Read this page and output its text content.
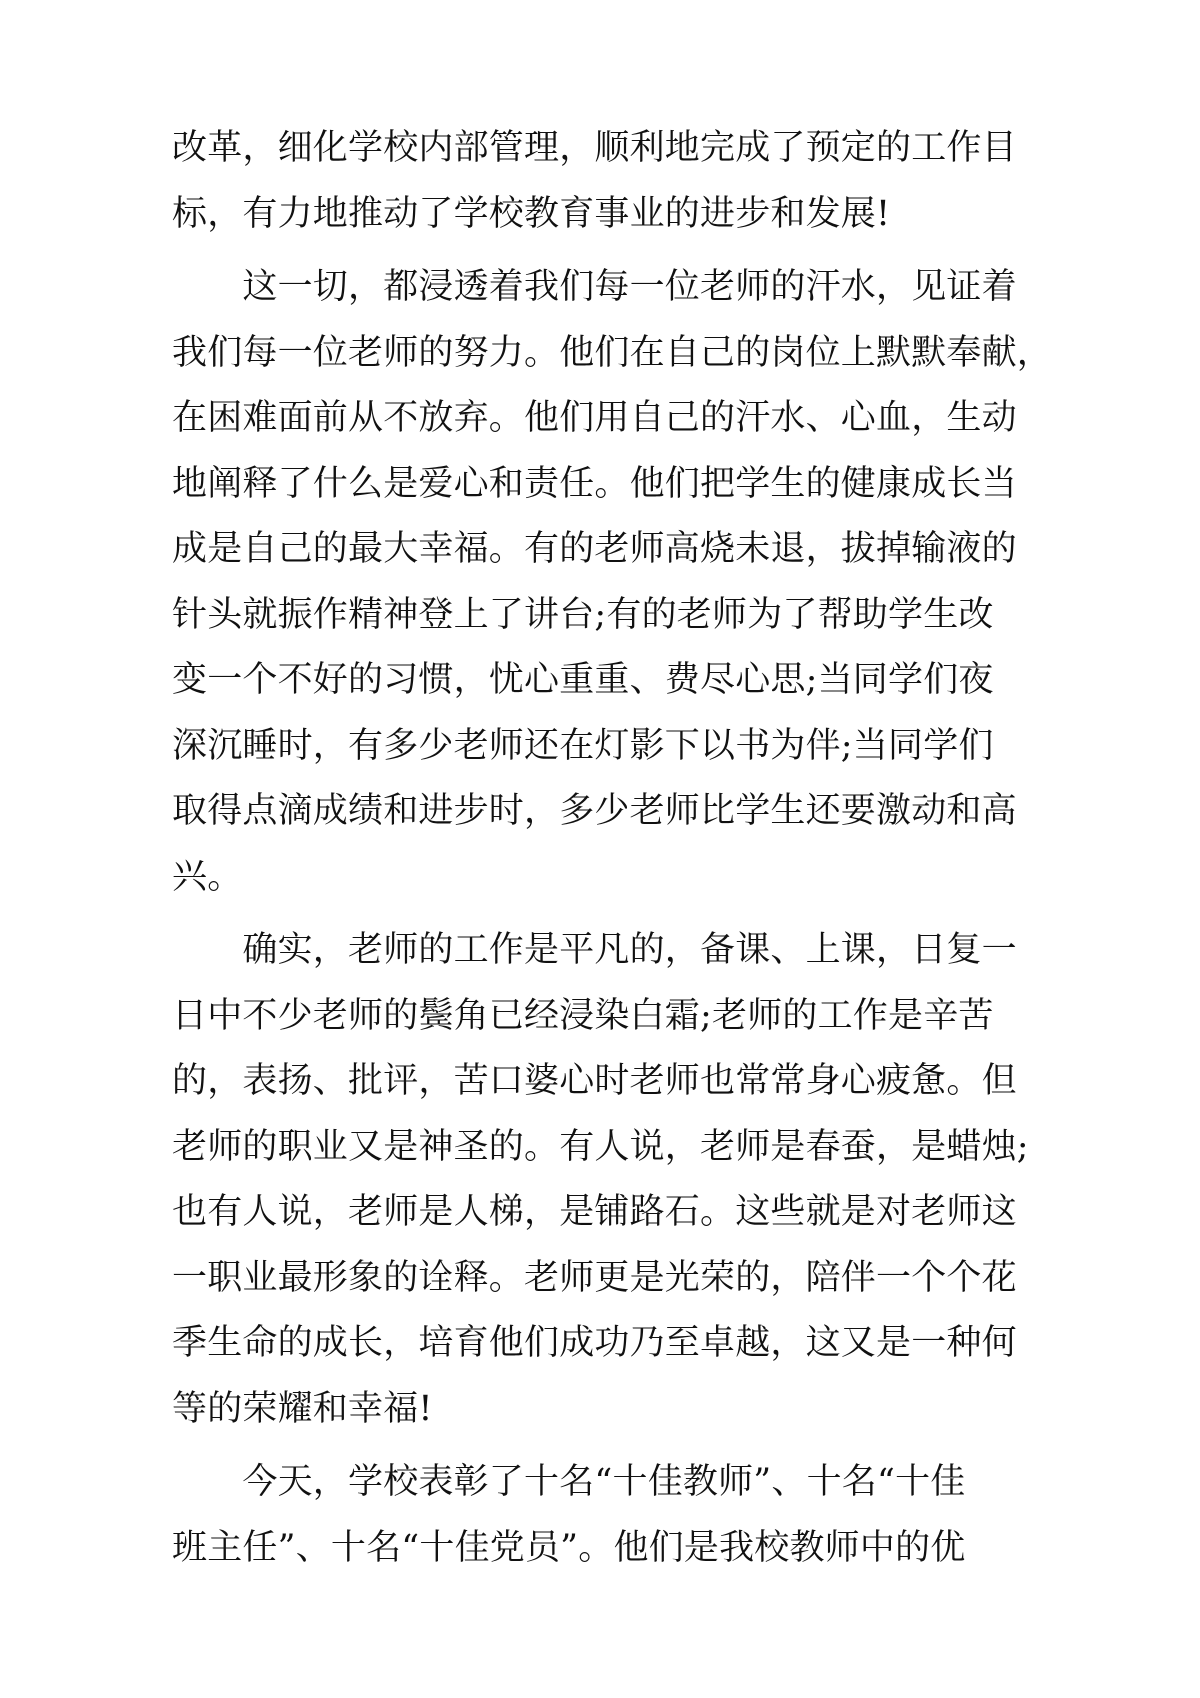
改革，细化学校内部管理，顺利地完成了预定的工作目
标，有力地推动了学校教育事业的进步和发展!
　　这一切，都浸透着我们每一位老师的汗水，见证着
我们每一位老师的努力。他们在自己的岗位上默默奉献，
在困难面前从不放弃。他们用自己的汗水、心血，生动
地阐释了什么是爱心和责任。他们把学生的健康成长当
成是自己的最大幸福。有的老师高烧未退，拔掉输液的
针头就振作精神登上了讲台;有的老师为了帮助学生改
变一个不好的习惯，忧心重重、费尽心思;当同学们夜
深沉睡时，有多少老师还在灯影下以书为伴;当同学们
取得点滴成绩和进步时，多少老师比学生还要激动和高
兴。
　　确实，老师的工作是平凡的，备课、上课，日复一
日中不少老师的鬓角已经浸染白霜;老师的工作是辛苦
的，表扬、批评，苦口婆心时老师也常常身心疲惫。但
老师的职业又是神圣的。有人说，老师是春蚕，是蜡烛;
也有人说，老师是人梯，是铺路石。这些就是对老师这
一职业最形象的诠释。老师更是光荣的，陪伴一个个花
季生命的成长，培育他们成功乃至卓越，这又是一种何
等的荣耀和幸福!
　　今天，学校表彰了十名“十佳教师”、十名“十佳
班主任”、十名“十佳党员”。他们是我校教师中的优
